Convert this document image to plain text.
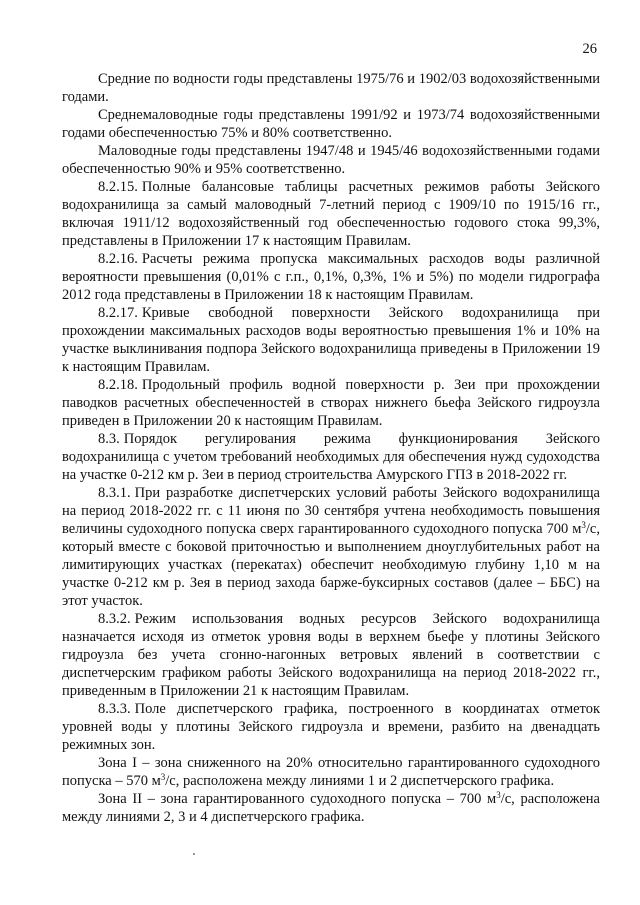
26

Средние по водности годы представлены 1975/76 и 1902/03 водохозяйственными годами.

Среднемаловодные годы представлены 1991/92 и 1973/74 водохозяйственными годами обеспеченностью 75% и 80% соответственно.

Маловодные годы представлены 1947/48 и 1945/46 водохозяйственными годами обеспеченностью 90% и 95% соответственно.

8.2.15. Полные балансовые таблицы расчетных режимов работы Зейского водохранилища за самый маловодный 7-летний период с 1909/10 по 1915/16 гг., включая 1911/12 водохозяйственный год обеспеченностью годового стока 99,3%, представлены в Приложении 17 к настоящим Правилам.

8.2.16. Расчеты режима пропуска максимальных расходов воды различной вероятности превышения (0,01% с г.п., 0,1%, 0,3%, 1% и 5%) по модели гидрографа 2012 года представлены в Приложении 18 к настоящим Правилам.

8.2.17. Кривые свободной поверхности Зейского водохранилища при прохождении максимальных расходов воды вероятностью превышения 1% и 10% на участке выклинивания подпора Зейского водохранилища приведены в Приложении 19 к настоящим Правилам.

8.2.18. Продольный профиль водной поверхности р. Зеи при прохождении паводков расчетных обеспеченностей в створах нижнего бьефа Зейского гидроузла приведен в Приложении 20 к настоящим Правилам.

8.3. Порядок регулирования режима функционирования Зейского водохранилища с учетом требований необходимых для обеспечения нужд судоходства на участке 0-212 км р. Зеи в период строительства Амурского ГПЗ в 2018-2022 гг.

8.3.1. При разработке диспетчерских условий работы Зейского водохранилища на период 2018-2022 гг. с 11 июня по 30 сентября учтена необходимость повышения величины судоходного попуска сверх гарантированного судоходного попуска 700 $м^3/с$, который вместе с боковой приточностью и выполнением дноуглубительных работ на лимитирующих участках (перекатах) обеспечит необходимую глубину 1,10 м на участке 0-212 км р. Зея в период захода барже-буксирных составов (далее – ББС) на этот участок.

8.3.2. Режим использования водных ресурсов Зейского водохранилища назначается исходя из отметок уровня воды в верхнем бьефе у плотины Зейского гидроузла без учета сгонно-нагонных ветровых явлений в соответствии с диспетчерским графиком работы Зейского водохранилища на период 2018-2022 гг., приведенным в Приложении 21 к настоящим Правилам.

8.3.3. Поле диспетчерского графика, построенного в координатах отметок уровней воды у плотины Зейского гидроузла и времени, разбито на двенадцать режимных зон.

Зона I – зона сниженного на 20% относительно гарантированного судоходного попуска – 570 $м^3/с$, расположена между линиями 1 и 2 диспетчерского графика.

Зона II – зона гарантированного судоходного попуска – 700 $м^3/с$, расположена между линиями 2, 3 и 4 диспетчерского графика.
